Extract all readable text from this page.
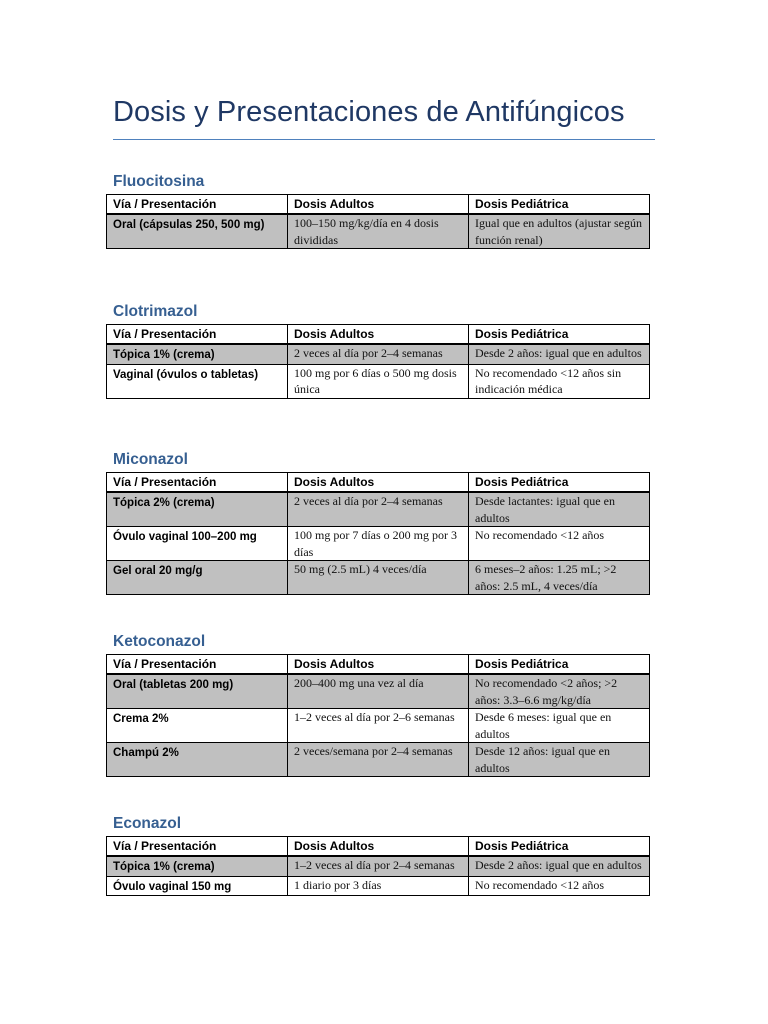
Dosis y Presentaciones de Antifúngicos
Fluocitosina
Vía / Presentación	Dosis Adultos	Dosis Pediátrica
Oral (cápsulas 250, 500 mg)	100–150 mg/kg/día en 4 dosis divididas	Igual que en adultos (ajustar según función renal)
Clotrimazol
Vía / Presentación	Dosis Adultos	Dosis Pediátrica
Tópica 1% (crema)	2 veces al día por 2–4 semanas	Desde 2 años: igual que en adultos
Vaginal (óvulos o tabletas)	100 mg por 6 días o 500 mg dosis única	No recomendado <12 años sin indicación médica
Miconazol
Vía / Presentación	Dosis Adultos	Dosis Pediátrica
Tópica 2% (crema)	2 veces al día por 2–4 semanas	Desde lactantes: igual que en adultos
Óvulo vaginal 100–200 mg	100 mg por 7 días o 200 mg por 3 días	No recomendado <12 años
Gel oral 20 mg/g	50 mg (2.5 mL) 4 veces/día	6 meses–2 años: 1.25 mL; >2 años: 2.5 mL, 4 veces/día
Ketoconazol
Vía / Presentación	Dosis Adultos	Dosis Pediátrica
Oral (tabletas 200 mg)	200–400 mg una vez al día	No recomendado <2 años; >2 años: 3.3–6.6 mg/kg/día
Crema 2%	1–2 veces al día por 2–6 semanas	Desde 6 meses: igual que en adultos
Champú 2%	2 veces/semana por 2–4 semanas	Desde 12 años: igual que en adultos
Econazol
Vía / Presentación	Dosis Adultos	Dosis Pediátrica
Tópica 1% (crema)	1–2 veces al día por 2–4 semanas	Desde 2 años: igual que en adultos
Óvulo vaginal 150 mg	1 diario por 3 días	No recomendado <12 años
